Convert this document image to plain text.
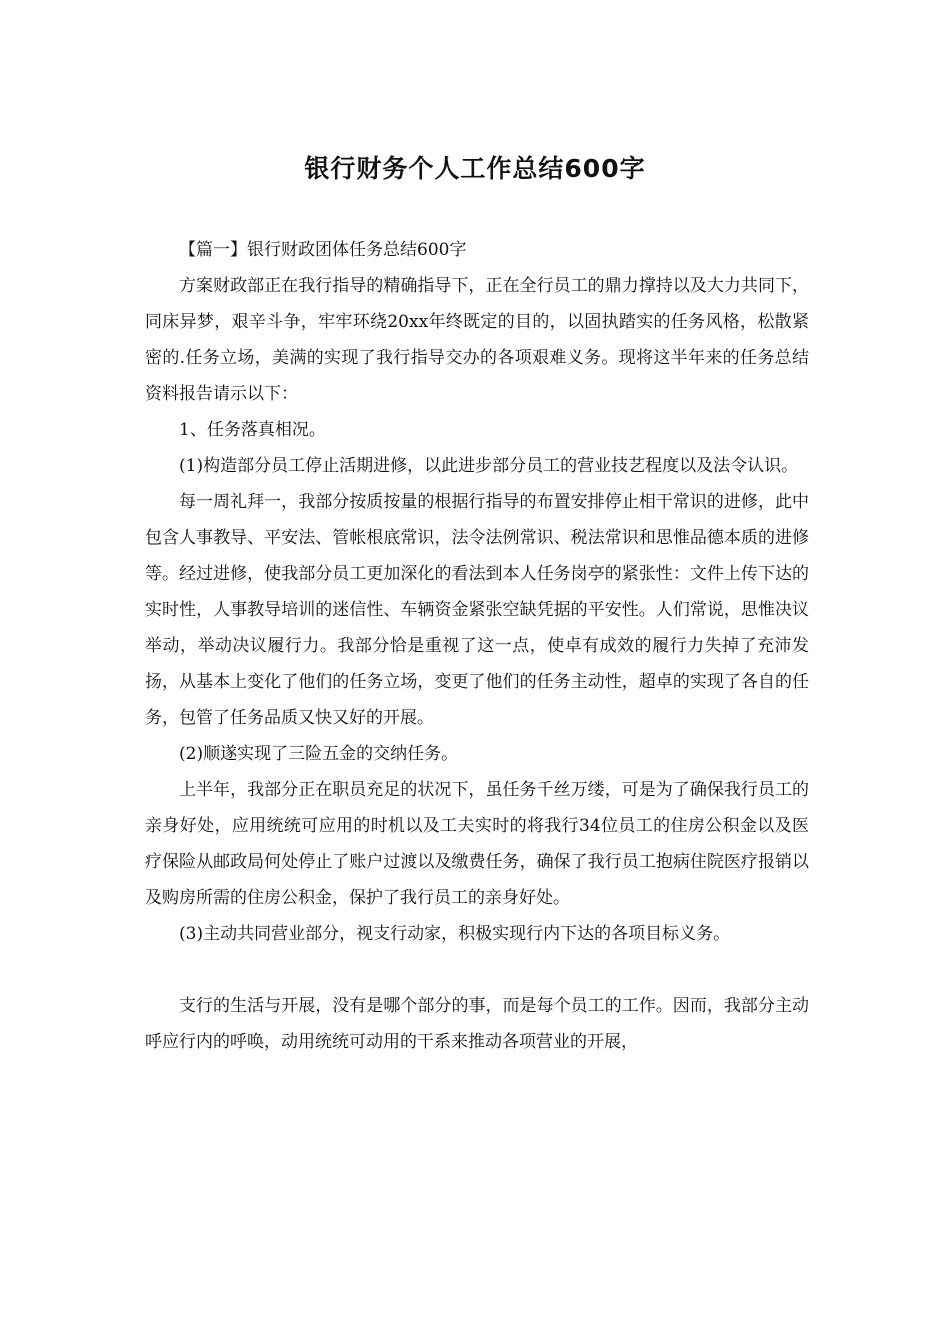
银行财务个人工作总结600字

【篇一】银行财政团体任务总结600字

方案财政部正在我行指导的精确指导下，正在全行员工的鼎力撑持以及大力共同下，同床异梦，艰辛斗争，牢牢环绕20xx年终既定的目的，以固执踏实的任务风格，松散紧密的.任务立场，美满的实现了我行指导交办的各项艰难义务。现将这半年来的任务总结资料报告请示以下：

1、任务落真相况。

(1)构造部分员工停止活期进修，以此进步部分员工的营业技艺程度以及法令认识。

每一周礼拜一，我部分按质按量的根据行指导的布置安排停止相干常识的进修，此中包含人事教导、平安法、管帐根底常识，法令法例常识、税法常识和思惟品德本质的进修等。经过进修，使我部分员工更加深化的看法到本人任务岗亭的紧张性：文件上传下达的实时性，人事教导培训的迷信性、车辆资金紧张空缺凭据的平安性。人们常说，思惟决议举动，举动决议履行力。我部分恰是重视了这一点，使卓有成效的履行力失掉了充沛发扬，从基本上变化了他们的任务立场，变更了他们的任务主动性，超卓的实现了各自的任务，包管了任务品质又快又好的开展。

(2)顺遂实现了三险五金的交纳任务。

上半年，我部分正在职员充足的状况下，虽任务千丝万缕，可是为了确保我行员工的亲身好处，应用统统可应用的时机以及工夫实时的将我行34位员工的住房公积金以及医疗保险从邮政局何处停止了账户过渡以及缴费任务，确保了我行员工抱病住院医疗报销以及购房所需的住房公积金，保护了我行员工的亲身好处。

(3)主动共同营业部分，视支行动家，积极实现行内下达的各项目标义务。

支行的生活与开展，没有是哪个部分的事，而是每个员工的工作。因而，我部分主动呼应行内的呼唤，动用统统可动用的干系来推动各项营业的开展，
